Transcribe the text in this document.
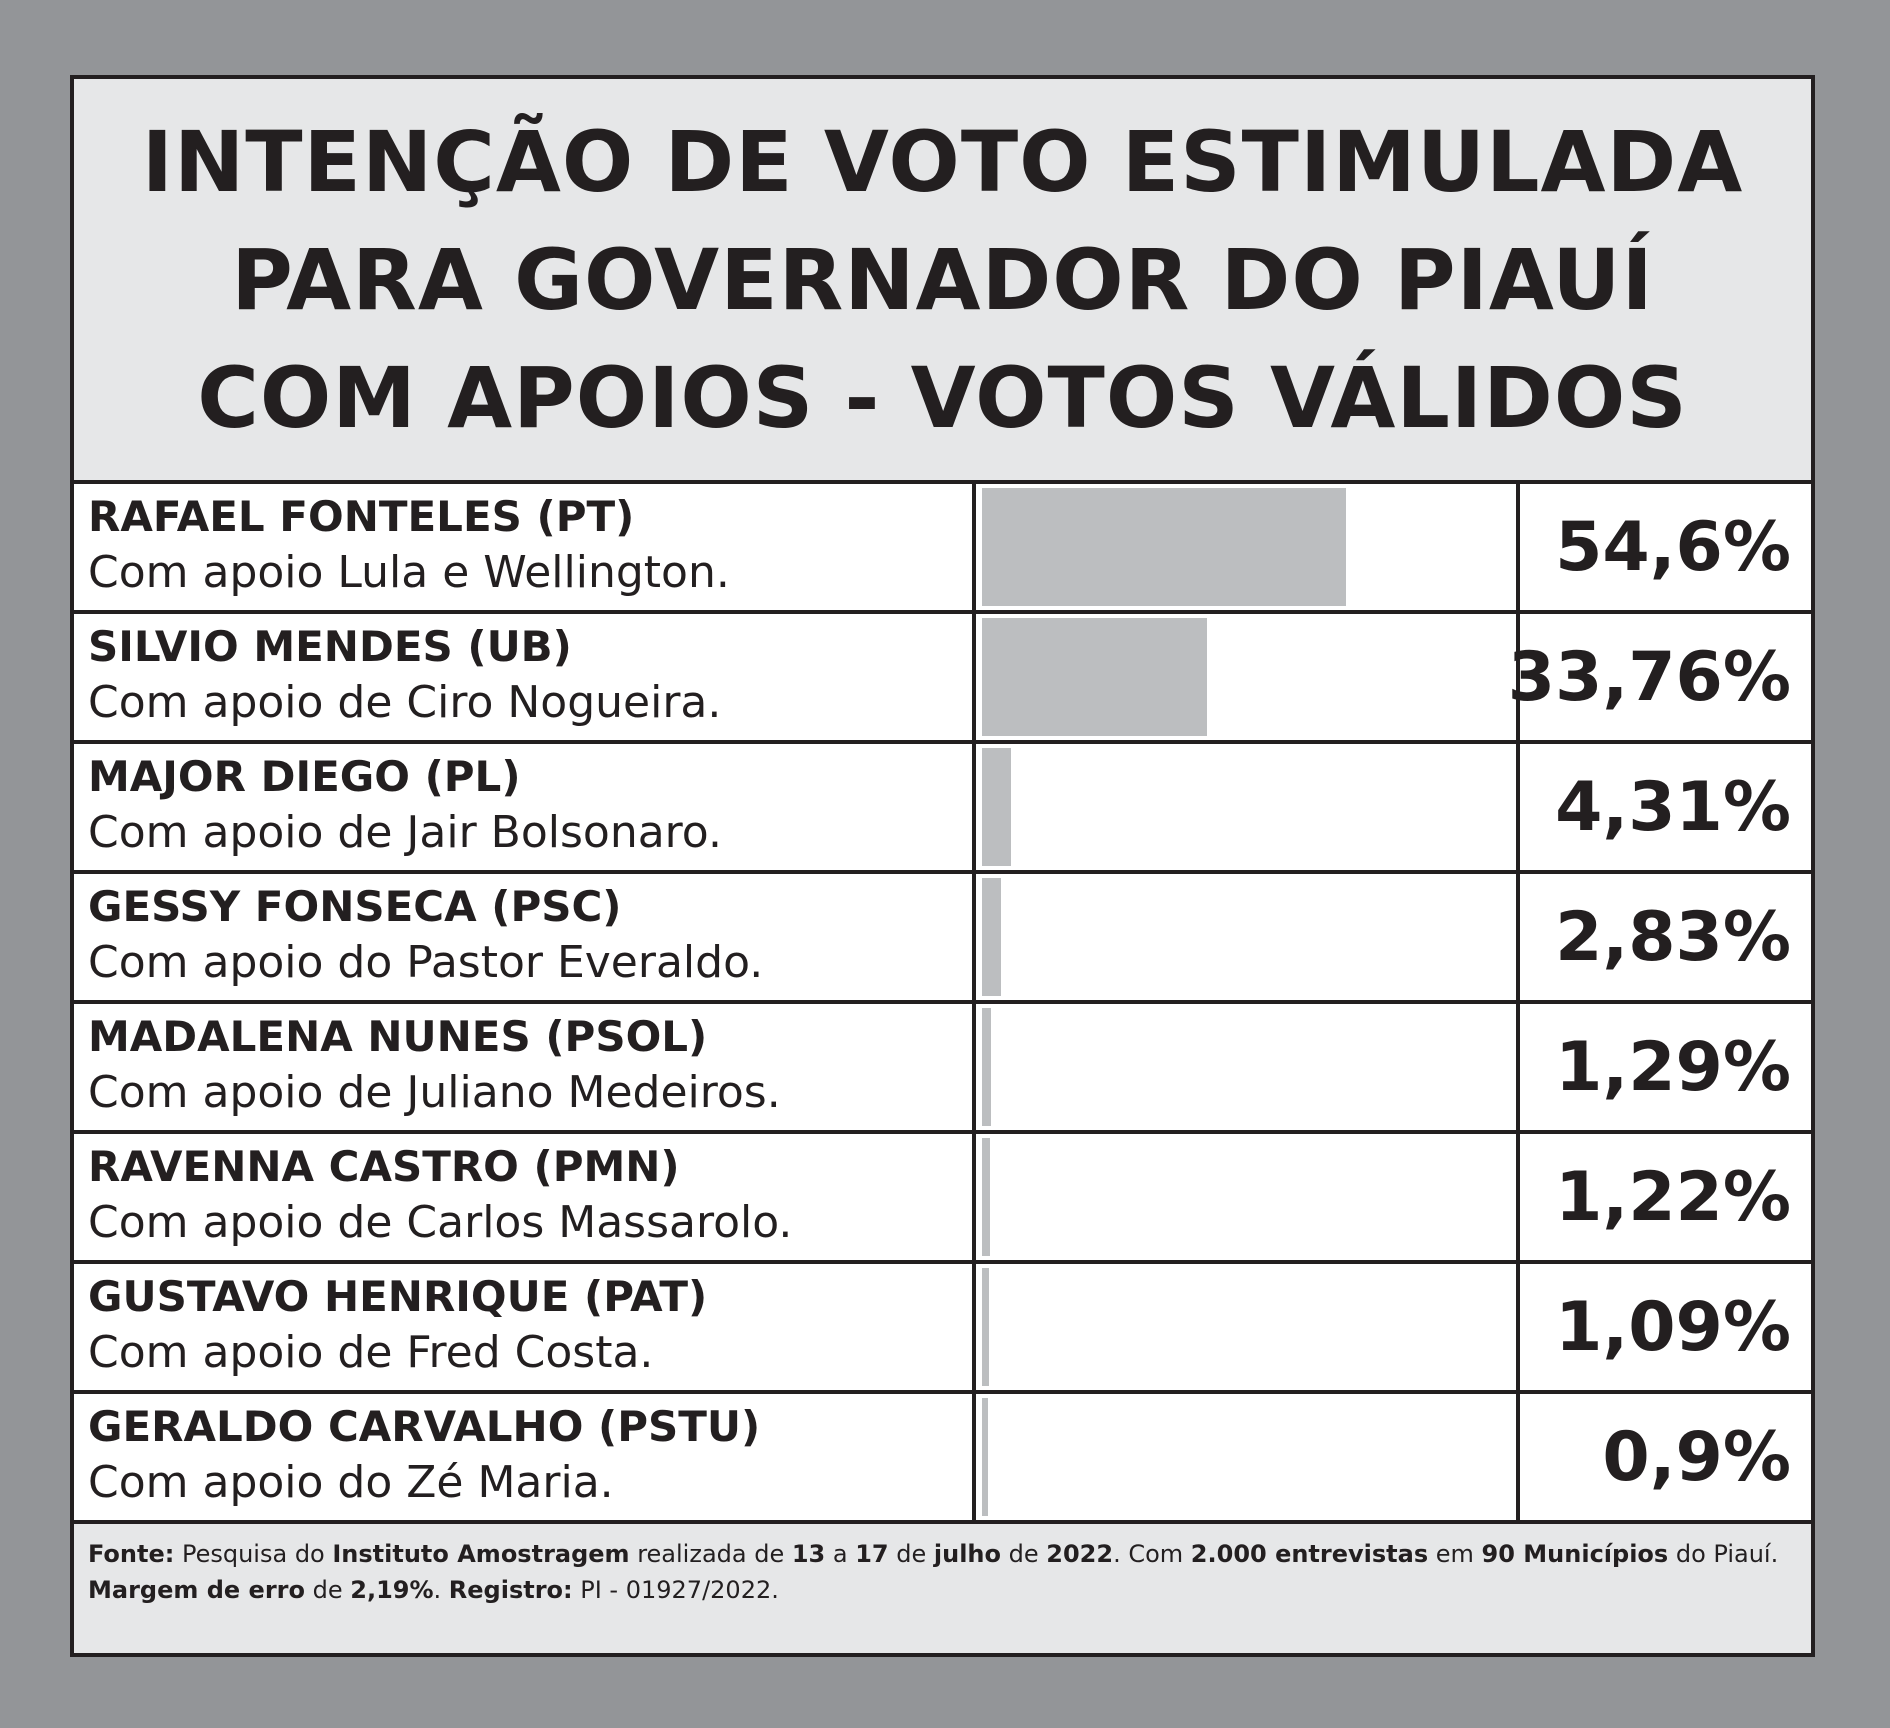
INTENÇÃO DE VOTO ESTIMULADA
PARA GOVERNADOR DO PIAUÍ
COM APOIOS - VOTOS VÁLIDOS
RAFAEL FONTELES (PT)
Com apoio Lula e Wellington.	54,6%
SILVIO MENDES (UB)
Com apoio de Ciro Nogueira.	33,76%
MAJOR DIEGO (PL)
Com apoio de Jair Bolsonaro.	4,31%
GESSY FONSECA (PSC)
Com apoio do Pastor Everaldo.	2,83%
MADALENA NUNES (PSOL)
Com apoio de Juliano Medeiros.	1,29%
RAVENNA CASTRO (PMN)
Com apoio de Carlos Massarolo.	1,22%
GUSTAVO HENRIQUE (PAT)
Com apoio de Fred Costa.	1,09%
GERALDO CARVALHO (PSTU)
Com apoio do Zé Maria.	0,9%
Fonte: Pesquisa do Instituto Amostragem realizada de 13 a 17 de julho de 2022. Com 2.000 entrevistas em 90 Municípios do Piauí. Margem de erro de 2,19%. Registro: PI - 01927/2022.
